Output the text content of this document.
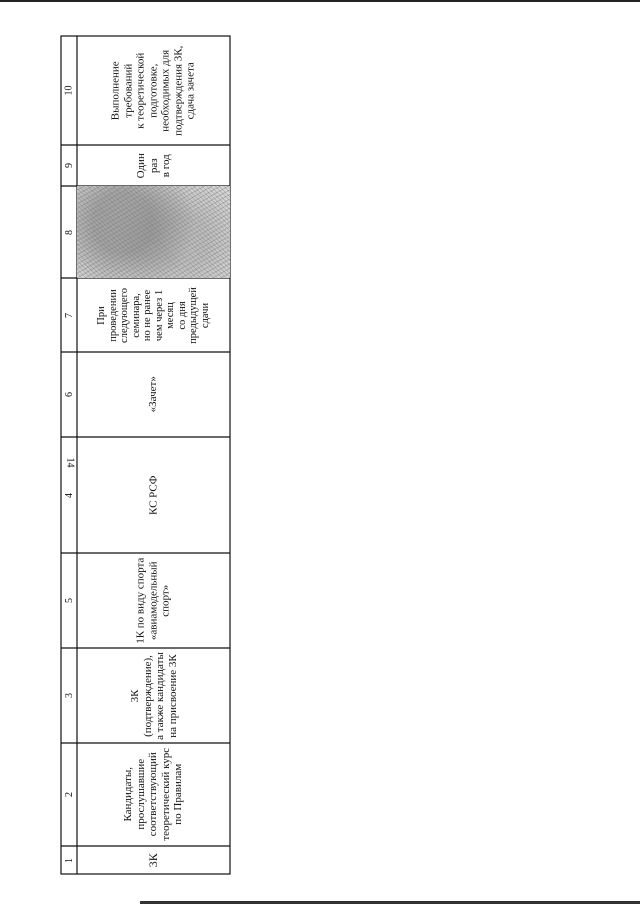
14
10
9
8
7
6
4
5
3
2
1	3К
Кандидаты, прослушавшие соответствующий теоретический курс по Правилам
3К (подтверждение), а также кандидаты на присвоение 3К
1К по виду спорта «авиамодельный спорт»
КС РСФ
«Зачет»
При проведении следующего семинара, но не ранее чем через 1 месяц со дня предыдущей сдачи
Один раз в год
Выполнение требований к теоретической подготовке, необходимых для подтверждения 3К, сдача зачета
